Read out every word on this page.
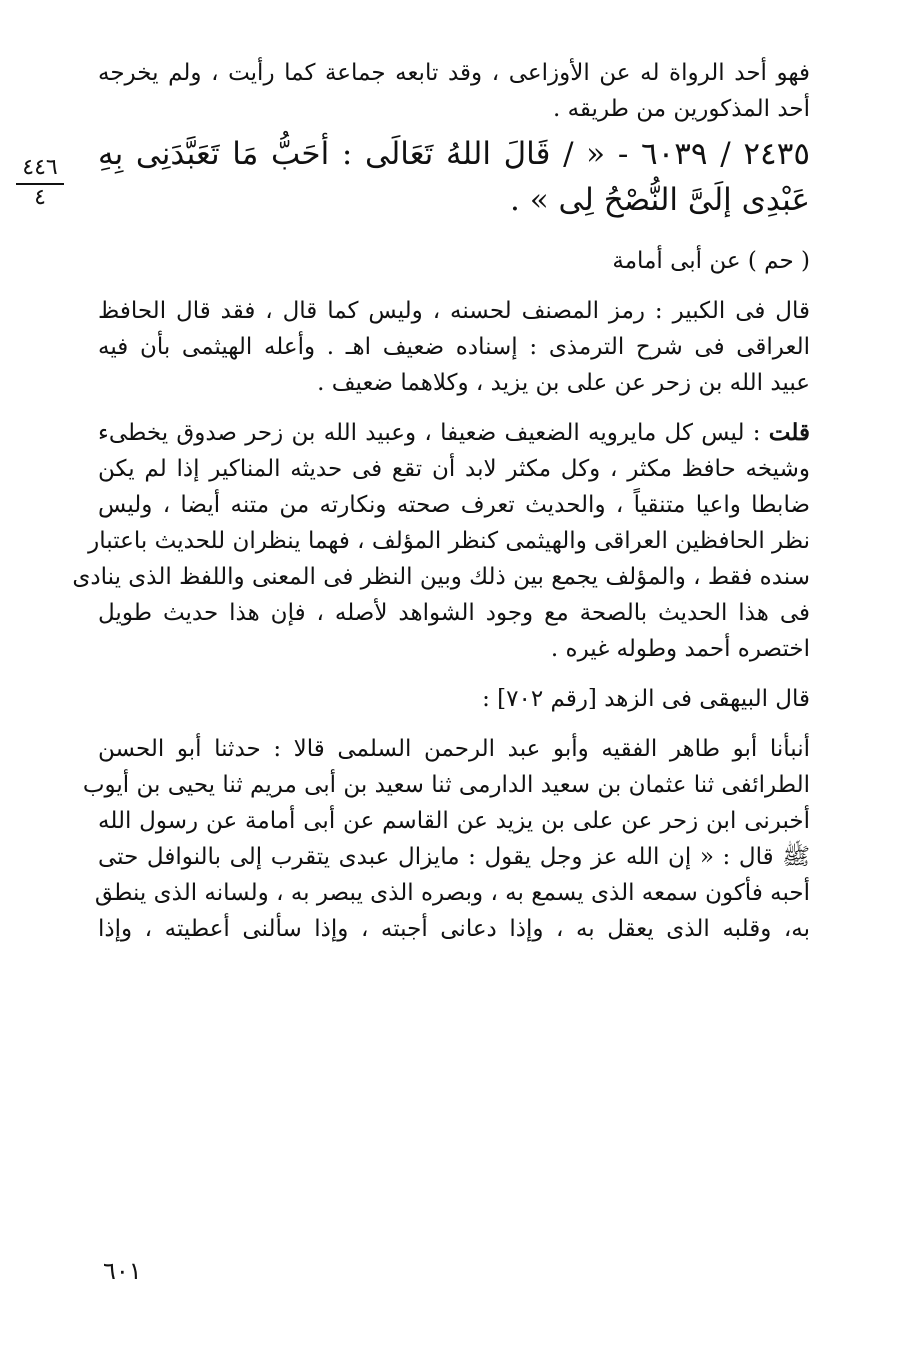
٤٤٦
٤
فهو أحد الرواة له عن الأوزاعى ، وقد تابعه جماعة كما رأيت ، ولم يخرجه
أحد المذكورين من طريقه .
٢٤٣٥ / ٦٠٣٩ - « / قَالَ اللهُ تَعَالَى : أحَبُّ مَا تَعَبَّدَنِى بِهِ
عَبْدِى إلَىَّ النُّصْحُ لِى » .
( حم ) عن أبى أمامة
قال فى الكبير : رمز المصنف لحسنه ، وليس كما قال ، فقد قال الحافظ
العراقى فى شرح الترمذى : إسناده ضعيف اهـ . وأعله الهيثمى بأن فيه
عبيد الله بن زحر عن على بن يزيد ، وكلاهما ضعيف .
قلت : ليس كل مايرويه الضعيف ضعيفا ، وعبيد الله بن زحر صدوق يخطىء
وشيخه حافظ مكثر ، وكل مكثر لابد أن تقع فى حديثه المناكير إذا لم يكن
ضابطا واعيا متنقياً ، والحديث تعرف صحته ونكارته من متنه أيضا ، وليس
نظر الحافظين العراقى والهيثمى كنظر المؤلف ، فهما ينظران للحديث باعتبار
سنده فقط ، والمؤلف يجمع بين ذلك وبين النظر فى المعنى واللفظ الذى ينادى
فى هذا الحديث بالصحة مع وجود الشواهد لأصله ، فإن هذا حديث طويل
اختصره أحمد وطوله غيره .
قال البيهقى فى الزهد [رقم ٧٠٢] :
أنبأنا أبو طاهر الفقيه وأبو عبد الرحمن السلمى قالا : حدثنا أبو الحسن
الطرائفى ثنا عثمان بن سعيد الدارمى ثنا سعيد بن أبى مريم ثنا يحيى بن أيوب
أخبرنى ابن زحر عن على بن يزيد عن القاسم عن أبى أمامة عن رسول الله
ﷺ قال : « إن الله عز وجل يقول : مايزال عبدى يتقرب إلى بالنوافل حتى
أحبه فأكون سمعه الذى يسمع به ، وبصره الذى يبصر به ، ولسانه الذى ينطق
به، وقلبه الذى يعقل به ، وإذا دعانى أجبته ، وإذا سألنى أعطيته ، وإذا
٦٠١
